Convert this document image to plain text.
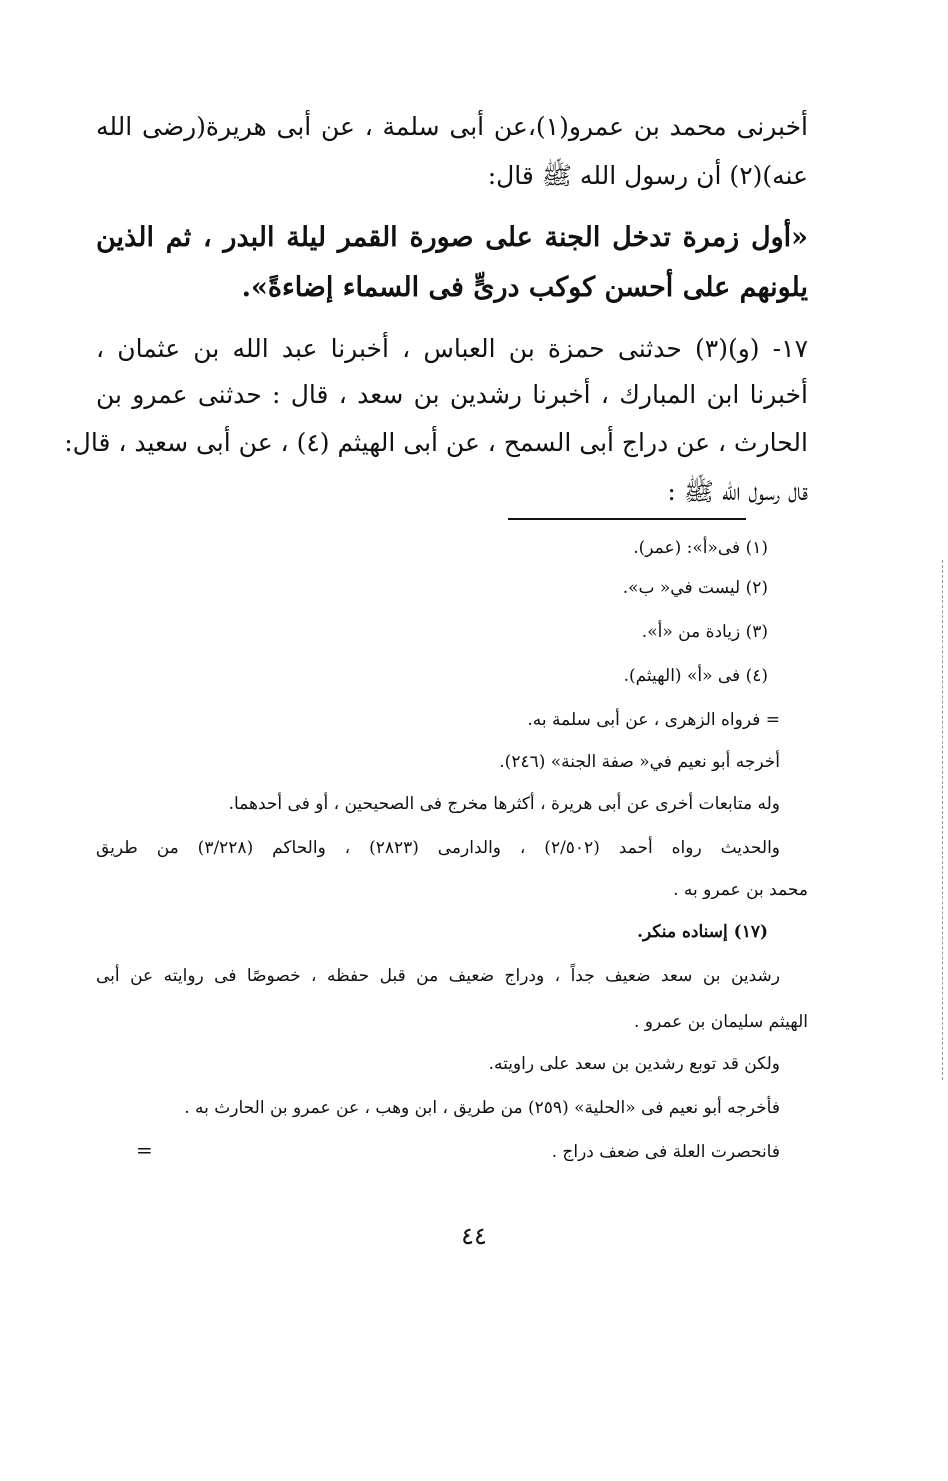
أخبرنى محمد بن عمرو(١)،عن أبى سلمة ، عن أبى هريرة(رضى الله
عنه)(٢) أن رسول الله ﷺ قال:
«أول زمرة تدخل الجنة على صورة القمر ليلة البدر ، ثم الذين
يلونهم على أحسن كوكب درىٍّ فى السماء إضاءةً».
١٧- (و)(٣) حدثنى حمزة بن العباس ، أخبرنا عبد الله بن عثمان ،
أخبرنا ابن المبارك ، أخبرنا رشدين بن سعد ، قال : حدثنى عمرو بن
الحارث ، عن دراج أبى السمح ، عن أبى الهيثم (٤) ، عن أبى سعيد ، قال:
قال رسول الله ﷺ :
(١) فى«أ»: (عمر).
(٢) ليست في« ب».
(٣) زيادة من «أ».
(٤) فى «أ» (الهيثم).
= فرواه الزهرى ، عن أبى سلمة به.
أخرجه أبو نعيم في« صفة الجنة» (٢٤٦).
وله متابعات أخرى عن أبى هريرة ، أكثرها مخرج فى الصحيحين ، أو فى أحدهما.
والحديث رواه أحمد (٢/٥٠٢) ، والدارمى (٢٨٢٣) ، والحاكم (٣/٢٢٨) من طريق
محمد بن عمرو به .
(١٧) إسناده منكر.
رشدين بن سعد ضعيف جداً ، ودراج ضعيف من قبل حفظه ، خصوصًا فى روايته عن أبى
الهيثم سليمان بن عمرو .
ولكن قد توبع رشدين بن سعد على راويته.
فأخرجه أبو نعيم فى «الحلية» (٢٥٩) من طريق ، ابن وهب ، عن عمرو بن الحارث به .
فانحصرت العلة فى ضعف دراج .
=
٤٤
